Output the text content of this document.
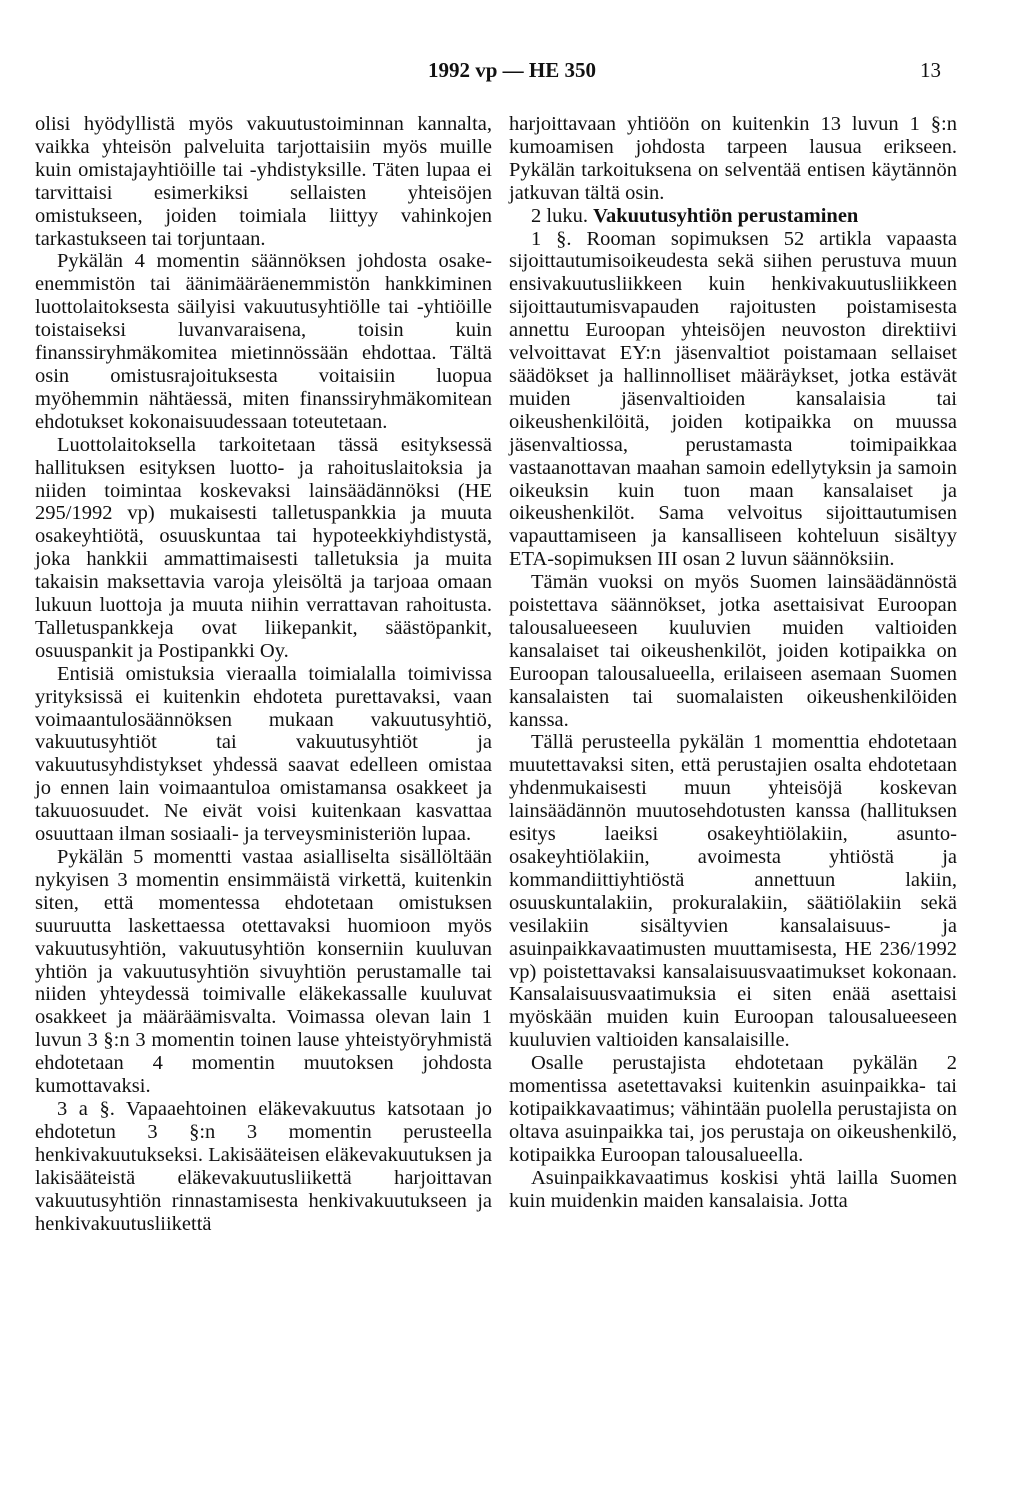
1992 vp — HE 350	13

olisi hyödyllistä myös vakuutustoiminnan kannalta, vaikka yhteisön palveluita tarjottaisiin myös muille kuin omistajayhtiöille tai -yhdistyksille. Täten lupaa ei tarvittaisi esimerkiksi sellaisten yhteisöjen omistukseen, joiden toimiala liittyy vahinkojen tarkastukseen tai torjuntaan.

Pykälän 4 momentin säännöksen johdosta osake-enemmistön tai äänimääräenemmistön hankkiminen luottolaitoksesta säilyisi vakuutusyhtiölle tai -yhtiöille toistaiseksi luvanvaraisena, toisin kuin finanssiryhmäkomitea mietinnössään ehdottaa. Tältä osin omistusrajoituksesta voitaisiin luopua myöhemmin nähtäessä, miten finanssiryhmäkomitean ehdotukset kokonaisuudessaan toteutetaan.

Luottolaitoksella tarkoitetaan tässä esityksessä hallituksen esityksen luotto- ja rahoituslaitoksia ja niiden toimintaa koskevaksi lainsäädännöksi (HE 295/1992 vp) mukaisesti talletuspankkia ja muuta osakeyhtiötä, osuuskuntaa tai hypoteekkiyhdistystä, joka hankkii ammattimaisesti talletuksia ja muita takaisin maksettavia varoja yleisöltä ja tarjoaa omaan lukuun luottoja ja muuta niihin verrattavan rahoitusta. Talletuspankkeja ovat liikepankit, säästöpankit, osuuspankit ja Postipankki Oy.

Entisiä omistuksia vieraalla toimialalla toimivissa yrityksissä ei kuitenkin ehdoteta purettavaksi, vaan voimaantulosäännöksen mukaan vakuutusyhtiö, vakuutusyhtiöt tai vakuutusyhtiöt ja vakuutusyhdistykset yhdessä saavat edelleen omistaa jo ennen lain voimaantuloa omistamansa osakkeet ja takuuosuudet. Ne eivät voisi kuitenkaan kasvattaa osuuttaan ilman sosiaali- ja terveysministeriön lupaa.

Pykälän 5 momentti vastaa asialliselta sisällöltään nykyisen 3 momentin ensimmäistä virkettä, kuitenkin siten, että momentessa ehdotetaan omistuksen suuruutta laskettaessa otettavaksi huomioon myös vakuutusyhtiön, vakuutusyhtiön konserniin kuuluvan yhtiön ja vakuutusyhtiön sivuyhtiön perustamalle tai niiden yhteydessä toimivalle eläkekassalle kuuluvat osakkeet ja määräämisvalta. Voimassa olevan lain 1 luvun 3 §:n 3 momentin toinen lause yhteistyöryhmistä ehdotetaan 4 momentin muutoksen johdosta kumottavaksi.

3 a §. Vapaaehtoinen eläkevakuutus katsotaan jo ehdotetun 3 §:n 3 momentin perusteella henkivakuutukseksi. Lakisääteisen eläkevakuutuksen ja lakisääteistä eläkevakuutusliikettä harjoittavan vakuutusyhtiön rinnastamisesta henkivakuutukseen ja henkivakuutusliikettä

harjoittavaan yhtiöön on kuitenkin 13 luvun 1 §:n kumoamisen johdosta tarpeen lausua erikseen. Pykälän tarkoituksena on selventää entisen käytännön jatkuvan tältä osin.

2 luku. Vakuutusyhtiön perustaminen

1 §. Rooman sopimuksen 52 artikla vapaasta sijoittautumisoikeudesta sekä siihen perustuva muun ensivakuutusliikkeen kuin henkivakuutusliikkeen sijoittautumisvapauden rajoitusten poistamisesta annettu Euroopan yhteisöjen neuvoston direktiivi velvoittavat EY:n jäsenvaltiot poistamaan sellaiset säädökset ja hallinnolliset määräykset, jotka estävät muiden jäsenvaltioiden kansalaisia tai oikeushenkilöitä, joiden kotipaikka on muussa jäsenvaltiossa, perustamasta toimipaikkaa vastaanottavan maahan samoin edellytyksin ja samoin oikeuksin kuin tuon maan kansalaiset ja oikeushenkilöt. Sama velvoitus sijoittautumisen vapauttamiseen ja kansalliseen kohteluun sisältyy ETA-sopimuksen III osan 2 luvun säännöksiin.

Tämän vuoksi on myös Suomen lainsäädännöstä poistettava säännökset, jotka asettaisivat Euroopan talousalueeseen kuuluvien muiden valtioiden kansalaiset tai oikeushenkilöt, joiden kotipaikka on Euroopan talousalueella, erilaiseen asemaan Suomen kansalaisten tai suomalaisten oikeushenkilöiden kanssa.

Tällä perusteella pykälän 1 momenttia ehdotetaan muutettavaksi siten, että perustajien osalta ehdotetaan yhdenmukaisesti muun yhteisöjä koskevan lainsäädännön muutosehdotusten kanssa (hallituksen esitys laeiksi osakeyhtiölakiin, asunto-osakeyhtiölakiin, avoimesta yhtiöstä ja kommandiittiyhtiöstä annettuun lakiin, osuuskuntalakiin, prokuralakiin, säätiölakiin sekä vesilakiin sisältyvien kansalaisuus- ja asuinpaikkavaatimusten muuttamisesta, HE 236/1992 vp) poistettavaksi kansalaisuusvaatimukset kokonaan. Kansalaisuusvaatimuksia ei siten enää asettaisi myöskään muiden kuin Euroopan talousalueeseen kuuluvien valtioiden kansalaisille.

Osalle perustajista ehdotetaan pykälän 2 momentissa asetettavaksi kuitenkin asuinpaikka- tai kotipaikkavaatimus; vähintään puolella perustajista on oltava asuinpaikka tai, jos perustaja on oikeushenkilö, kotipaikka Euroopan talousalueella.

Asuinpaikkavaatimus koskisi yhtä lailla Suomen kuin muidenkin maiden kansalaisia. Jotta
